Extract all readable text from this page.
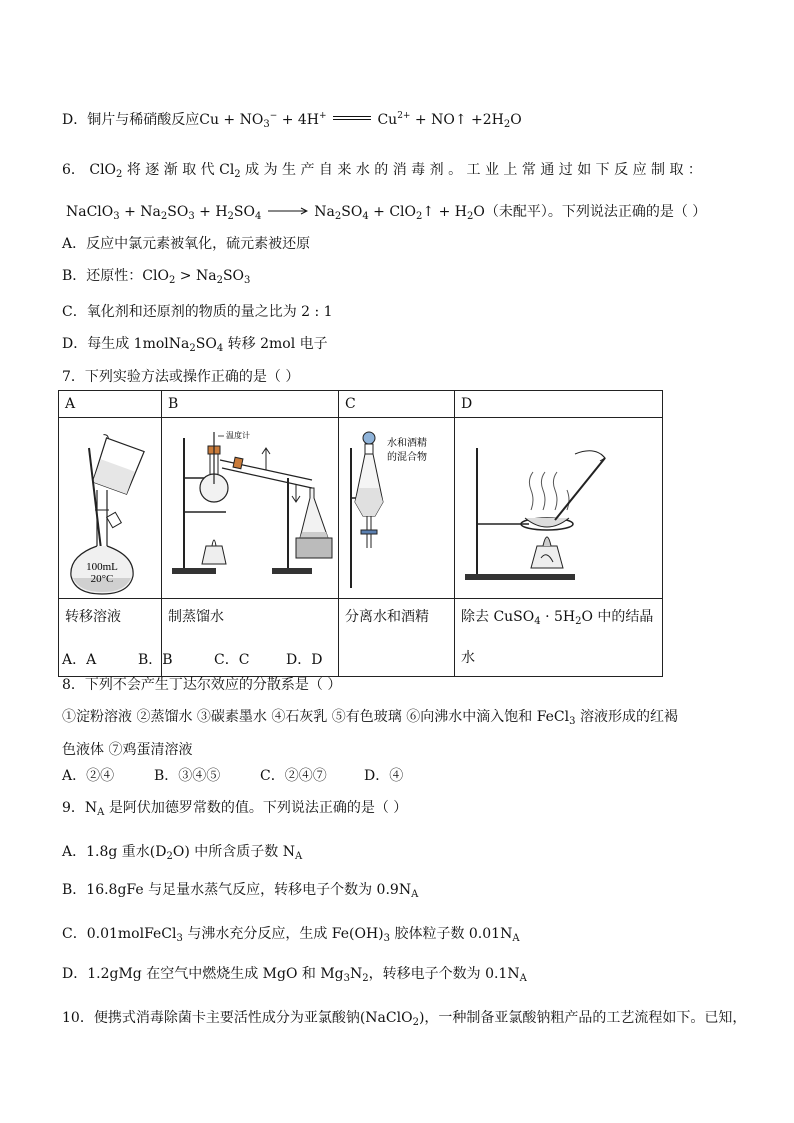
D．铜片与稀硝酸反应$Cu + NO_3^- + 4H^+$	$Cu^{2+}$ + NO↑ $+2H_2O$
6． ClO$_2$ 将 逐 渐 取 代 $Cl_2$ 成 为 生 产 自 来 水 的 消 毒 剂 。 工 业 上 常 通 过 如 下 反 应 制 取 ：
NaClO$_3$ + $Na_2SO_3 + H_2SO_4 \to Na_2SO_4$ + ClO$_2$↑ + $H_2O$（未配平）。下列说法正确的是（ ）
A．反应中氯元素被氧化，硫元素被还原
B．还原性：$ClO_2 > Na_2SO_3$
C．氧化剂和还原剂的物质的量之比为 2 : 1
D．每生成 $1molNa_2SO_4$ 转移 2mol 电子
7．下列实验方法或操作正确的是（ ）
A	B	C	D

100mL
20°C	温度计	水和酒精
的混合物

转移溶液	制蒸馏水	分离水和酒精	除去 CuSO$_4$ · $5H_2O$ 中的结晶水
A．A	B．B	C．C	D．D
8．下列不会产生丁达尔效应的分散系是（ ）
①淀粉溶液 ②蒸馏水 ③碳素墨水 ④石灰乳 ⑤有色玻璃 ⑥向沸水中滴入饱和 FeCl$_3$ 溶液形成的红褐
色液体 ⑦鸡蛋清溶液
A．②④	B．③④⑤	C．②④⑦	D．④
9．$N_A$ 是阿伏加德罗常数的值。下列说法正确的是（ ）
A．1.8g 重水$(D_2O)$ 中所含质子数 $N_A$
B．16.8gFe 与足量水蒸气反应，转移电子个数为 $0.9N_A$
C．0.01molFeCl$_3$ 与沸水充分反应，生成 $Fe(OH)_3$ 胶体粒子数 $0.01N_A$
D．1.2gMg 在空气中燃烧生成 MgO 和 $Mg_3N_2$，转移电子个数为 $0.1N_A$
10．便携式消毒除菌卡主要活性成分为亚氯酸钠(NaClO$_2$)，一种制备亚氯酸钠粗产品的工艺流程如下。已知，
